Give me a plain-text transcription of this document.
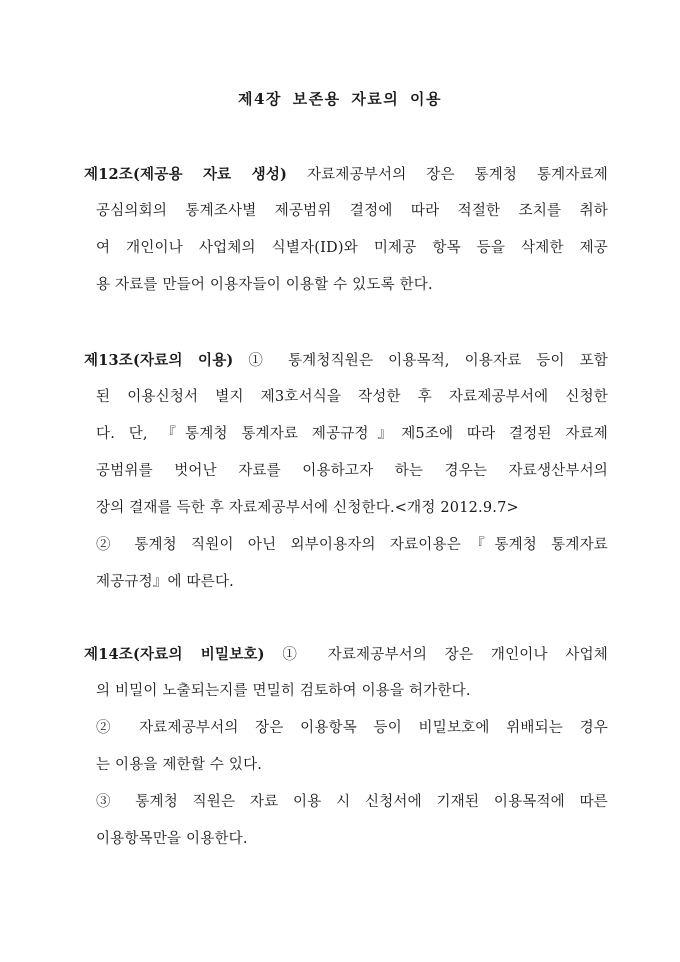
제4장 보존용 자료의 이용
제12조(제공용 자료 생성) 자료제공부서의 장은 통계청 통계자료제
공심의회의 통계조사별 제공범위 결정에 따라 적절한 조치를 취하
여 개인이나 사업체의 식별자(ID)와 미제공 항목 등을 삭제한 제공
용 자료를 만들어 이용자들이 이용할 수 있도록 한다.
제13조(자료의 이용) ① 통계청직원은 이용목적, 이용자료 등이 포함
된 이용신청서 별지 제3호서식을 작성한 후 자료제공부서에 신청한
다. 단, 『통계청 통계자료 제공규정』제5조에 따라 결정된 자료제
공범위를 벗어난 자료를 이용하고자 하는 경우는 자료생산부서의
장의 결재를 득한 후 자료제공부서에 신청한다.<개정 2012.9.7>
② 통계청 직원이 아닌 외부이용자의 자료이용은『통계청 통계자료
제공규정』에 따른다.
제14조(자료의 비밀보호) ① 자료제공부서의 장은 개인이나 사업체
의 비밀이 노출되는지를 면밀히 검토하여 이용을 허가한다.
② 자료제공부서의 장은 이용항목 등이 비밀보호에 위배되는 경우
는 이용을 제한할 수 있다.
③ 통계청 직원은 자료 이용 시 신청서에 기재된 이용목적에 따른
이용항목만을 이용한다.
